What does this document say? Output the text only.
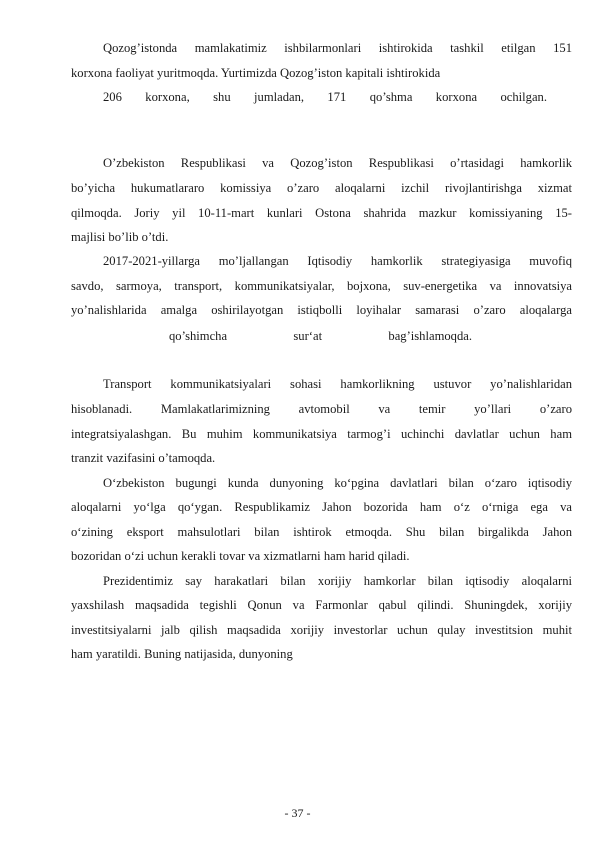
Qozog’istonda mamlakatimiz ishbilarmonlari ishtirokida tashkil etilgan 151
korxona faoliyat yuritmoqda. Yurtimizda Qozog’iston kapitali ishtirokida
206 korxona, shu jumladan, 171 qo’shma korxona ochilgan.
O’zbekiston Respublikasi va Qozog’iston Respublikasi o’rtasidagi hamkorlik
bo’yicha hukumatlararo komissiya o’zaro aloqalarni izchil rivojlantirishga xizmat
qilmoqda. Joriy yil 10-11-mart kunlari Ostona shahrida mazkur komissiyaning 15-
majlisi bo’lib o’tdi.
2017-2021-yillarga mo’ljallangan Iqtisodiy hamkorlik strategiyasiga muvofiq
savdo, sarmoya, transport, kommunikatsiyalar, bojxona, suv-energetika va innovatsiya
yo’nalishlarida amalga oshirilayotgan istiqbolli loyihalar samarasi o’zaro aloqalarga
qo’shimcha sur‘at bag’ishlamoqda.
Transport kommunikatsiyalari sohasi hamkorlikning ustuvor yo’nalishlaridan
hisoblanadi. Mamlakatlarimizning avtomobil va temir yo’llari o’zaro
integratsiyalashgan. Bu muhim kommunikatsiya tarmog’i uchinchi davlatlar uchun ham
tranzit vazifasini o’tamoqda.
O‘zbekiston bugungi kunda dunyoning ko‘pgina davlatlari bilan o‘zaro iqtisodiy
aloqalarni yo‘lga qo‘ygan. Respublikamiz Jahon bozorida ham o‘z o‘rniga ega va
o‘zining eksport mahsulotlari bilan ishtirok etmoqda. Shu bilan birgalikda Jahon
bozoridan o‘zi uchun kerakli tovar va xizmatlarni ham harid qiladi.
Prezidentimiz say harakatlari bilan xorijiy hamkorlar bilan iqtisodiy aloqalarni
yaxshilash maqsadida tegishli Qonun va Farmonlar qabul qilindi. Shuningdek, xorijiy
investitsiyalarni jalb qilish maqsadida xorijiy investorlar uchun qulay investitsion muhit
ham yaratildi. Buning natijasida, dunyoning
- 37 -
